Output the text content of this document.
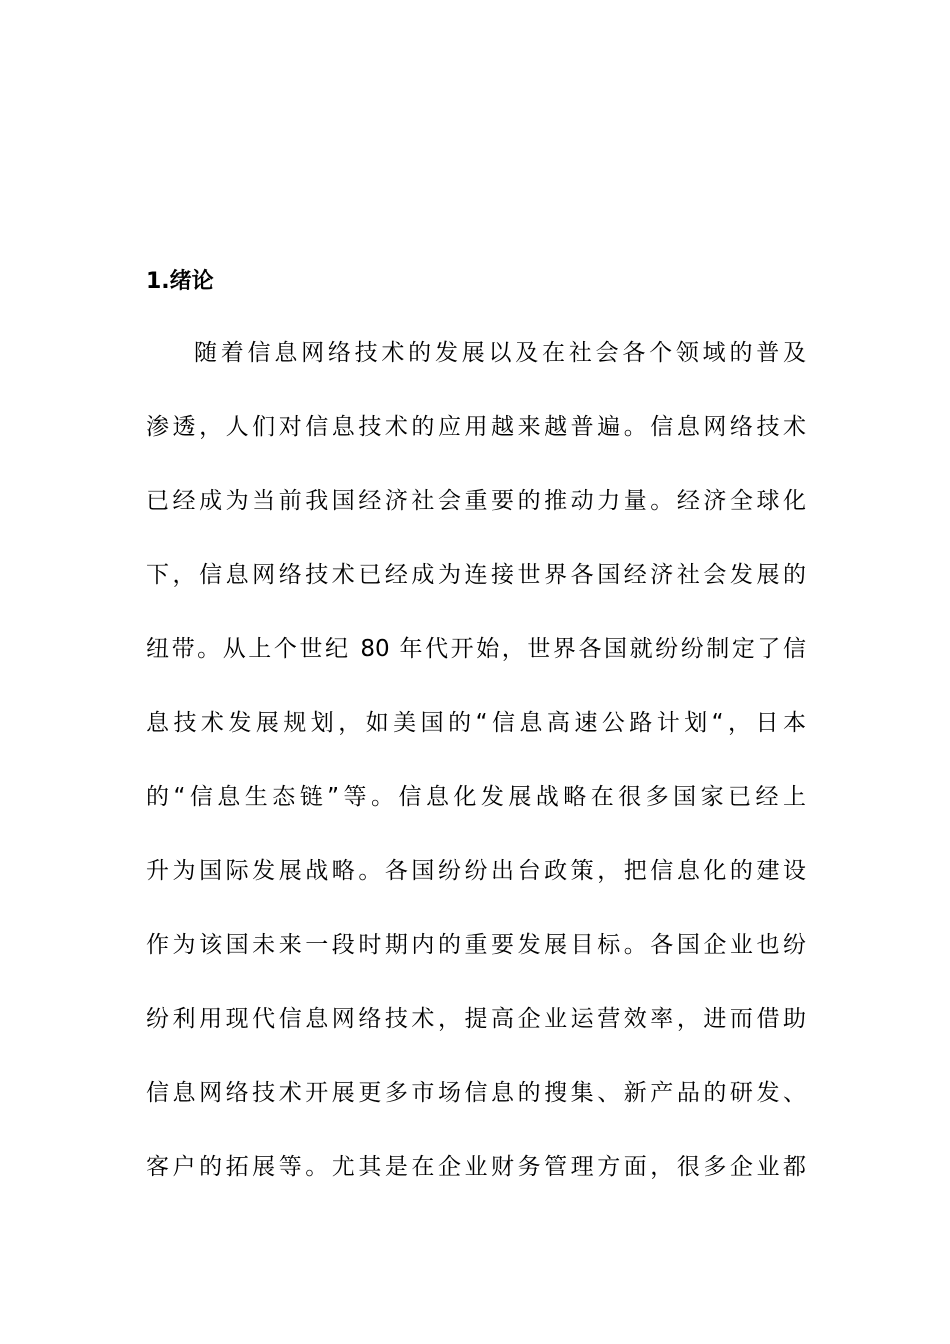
1.绪论
随着信息网络技术的发展以及在社会各个领域的普及
渗透，人们对信息技术的应用越来越普遍。信息网络技术
已经成为当前我国经济社会重要的推动力量。经济全球化
下，信息网络技术已经成为连接世界各国经济社会发展的
纽带。从上个世纪 80 年代开始，世界各国就纷纷制定了信
息技术发展规划，如美国的“信息高速公路计划“，日本
的“信息生态链”等。信息化发展战略在很多国家已经上
升为国际发展战略。各国纷纷出台政策，把信息化的建设
作为该国未来一段时期内的重要发展目标。各国企业也纷
纷利用现代信息网络技术，提高企业运营效率，进而借助
信息网络技术开展更多市场信息的搜集、新产品的研发、
客户的拓展等。尤其是在企业财务管理方面，很多企业都
